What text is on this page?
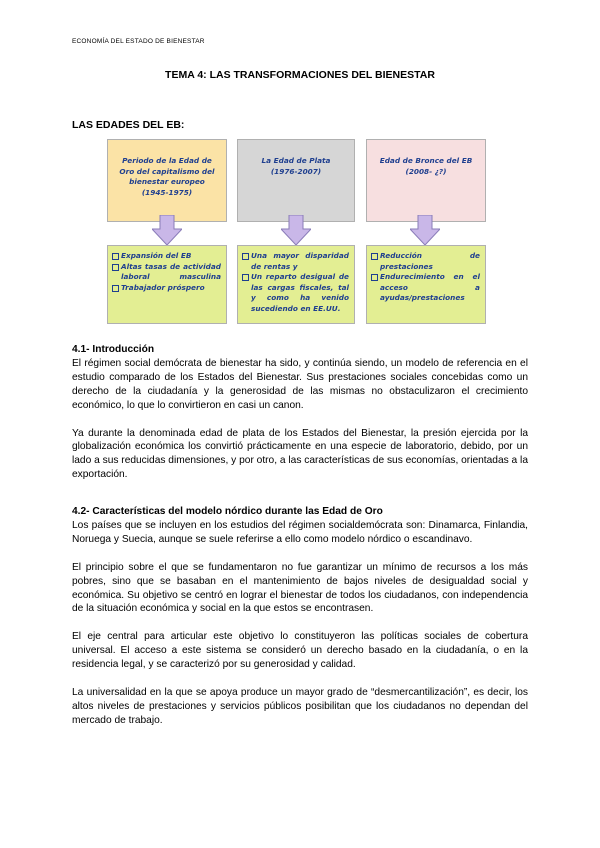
ECONOMÍA DEL ESTADO DE BIENESTAR
TEMA 4: LAS TRANSFORMACIONES DEL BIENESTAR
LAS EDADES DEL EB:
Periodo de la Edad de Oro del capitalismo del bienestar europeo
(1945-1975)
La Edad de Plata
(1976-2007)
Edad de Bronce del EB
(2008- ¿?)
Expansión del EB
Altas tasas de actividad laboral masculina
Trabajador próspero
Una mayor disparidad de rentas y
Un reparto desigual de las cargas fiscales, tal y como ha venido sucediendo en EE.UU.
Reducción de prestaciones
Endurecimiento en el acceso a ayudas/prestaciones
4.1- Introducción

El régimen social demócrata de bienestar ha sido, y continúa siendo, un modelo de referencia en el estudio comparado de los Estados del Bienestar. Sus prestaciones sociales concebidas como un derecho de la ciudadanía y la generosidad de las mismas no obstaculizaron el crecimiento económico, lo que lo convirtieron en casi un canon.

Ya durante la denominada edad de plata de los Estados del Bienestar, la presión ejercida por la globalización económica los convirtió prácticamente en una especie de laboratorio, debido, por un lado a sus reducidas dimensiones, y por otro, a las características de sus economías, orientadas a la exportación.

4.2- Características del modelo nórdico durante las Edad de Oro

Los países que se incluyen en los estudios del régimen socialdemócrata son: Dinamarca, Finlandia, Noruega y Suecia, aunque se suele referirse a ello como modelo nórdico o escandinavo.

El principio sobre el que se fundamentaron no fue garantizar un mínimo de recursos a los más pobres, sino que se basaban en el mantenimiento de bajos niveles de desigualdad social y económica. Su objetivo se centró en lograr el bienestar de todos los ciudadanos, con independencia de la situación económica y social en la que estos se encontrasen.

El eje central para articular este objetivo lo constituyeron las políticas sociales de cobertura universal. El acceso a este sistema se consideró un derecho basado en la ciudadanía, o en la residencia legal, y se caracterizó por su generosidad y calidad.

La universalidad en la que se apoya produce un mayor grado de “desmercantilización”, es decir, los altos niveles de prestaciones y servicios públicos posibilitan que los ciudadanos no dependan del mercado de trabajo.
